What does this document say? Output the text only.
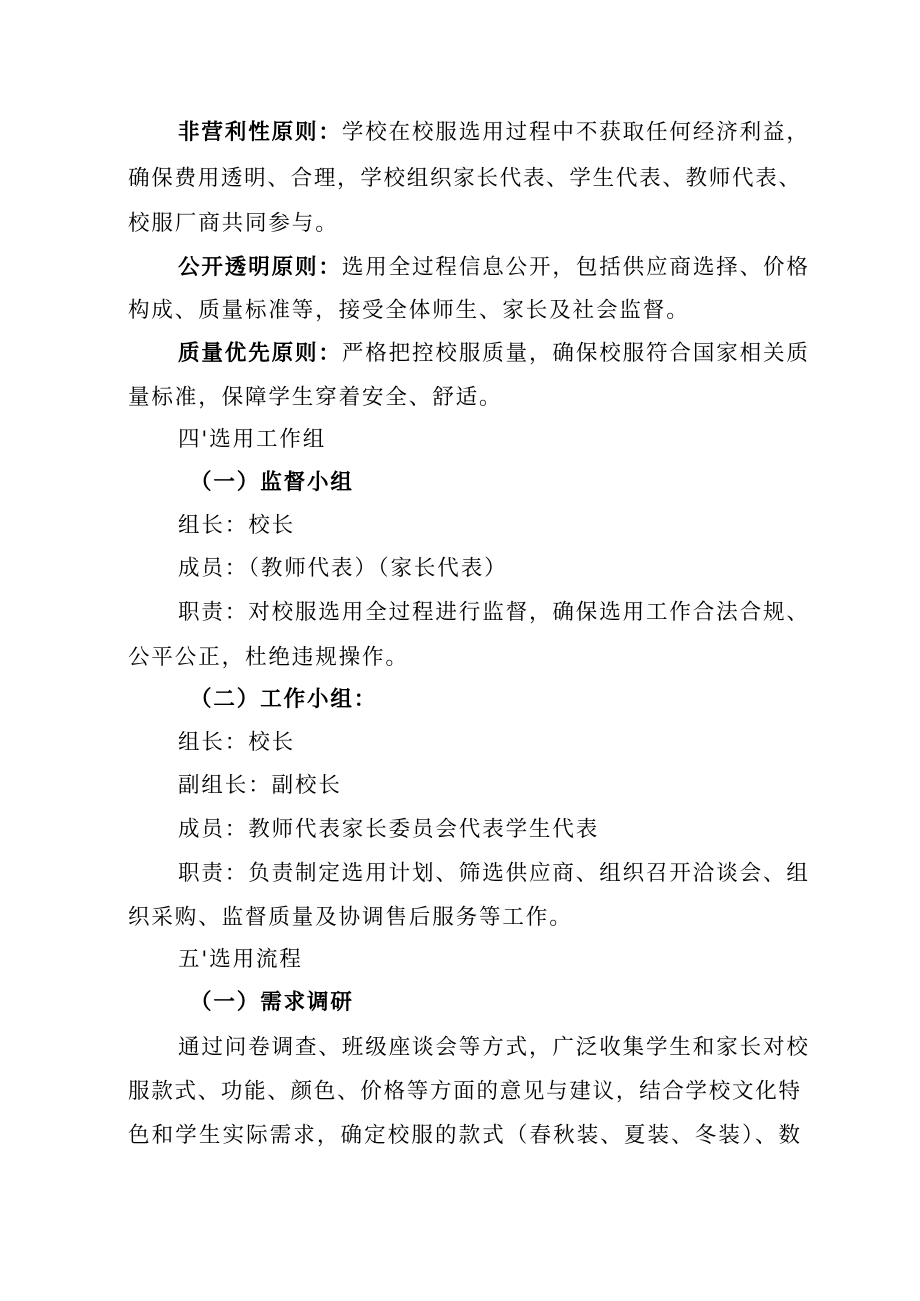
非营利性原则：学校在校服选用过程中不获取任何经济利益，
确保费用透明、合理，学校组织家长代表、学生代表、教师代表、
校服厂商共同参与。
公开透明原则：选用全过程信息公开，包括供应商选择、价格
构成、质量标准等，接受全体师生、家长及社会监督。
质量优先原则：严格把控校服质量，确保校服符合国家相关质
量标准，保障学生穿着安全、舒适。
四'选用工作组
（一）监督小组
组长：校长
成员：（教师代表）（家长代表）
职责：对校服选用全过程进行监督，确保选用工作合法合规、
公平公正，杜绝违规操作。
（二）工作小组：
组长：校长
副组长：副校长
成员：教师代表家长委员会代表学生代表
职责：负责制定选用计划、筛选供应商、组织召开洽谈会、组
织采购、监督质量及协调售后服务等工作。
五'选用流程
（一）需求调研
通过问卷调查、班级座谈会等方式，广泛收集学生和家长对校
服款式、功能、颜色、价格等方面的意见与建议，结合学校文化特
色和学生实际需求，确定校服的款式（春秋装、夏装、冬装）、数
